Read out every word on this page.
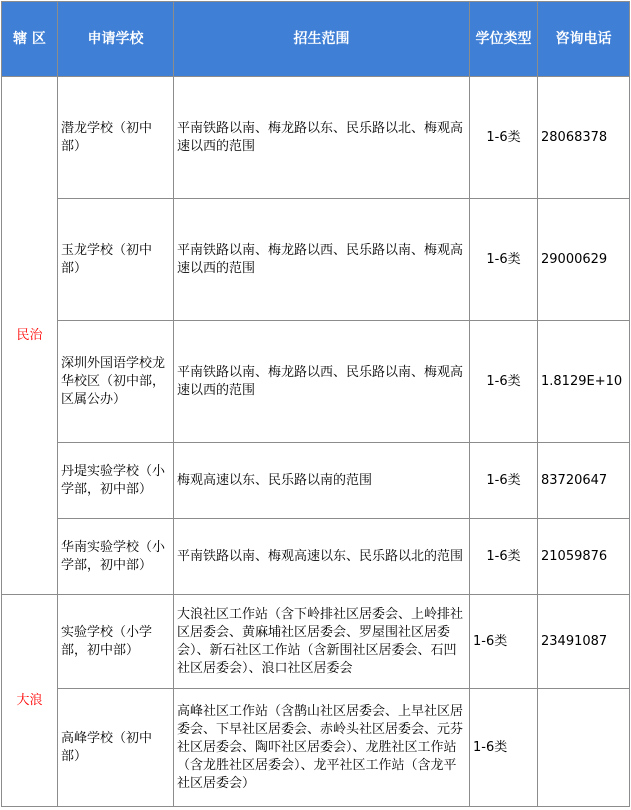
辖 区	申请学校	招生范围	学位类型	咨询电话
民治	潜龙学校（初中部）	平南铁路以南、梅龙路以东、民乐路以北、梅观高速以西的范围	1-6类	28068378
	玉龙学校（初中部）	平南铁路以南、梅龙路以西、民乐路以南、梅观高速以西的范围	1-6类	29000629
	深圳外国语学校龙华校区（初中部，区属公办）	平南铁路以南、梅龙路以西、民乐路以南、梅观高速以西的范围	1-6类	1.8129E+10
	丹堤实验学校（小学部，初中部）	梅观高速以东、民乐路以南的范围	1-6类	83720647
	华南实验学校（小学部，初中部）	平南铁路以南、梅观高速以东、民乐路以北的范围	1-6类	21059876
大浪	实验学校（小学部，初中部）	大浪社区工作站（含下岭排社区居委会、上岭排社区居委会、黄麻埔社区居委会、罗屋围社区居委会）、新石社区工作站（含新围社区居委会、石凹社区居委会）、浪口社区居委会	1-6类	23491087
	高峰学校（初中部）	高峰社区工作站（含鹊山社区居委会、上早社区居委会、下早社区居委会、赤岭头社区居委会、元芬社区居委会、陶吓社区居委会）、龙胜社区工作站（含龙胜社区居委会）、龙平社区工作站（含龙平社区居委会）	1-6类	
